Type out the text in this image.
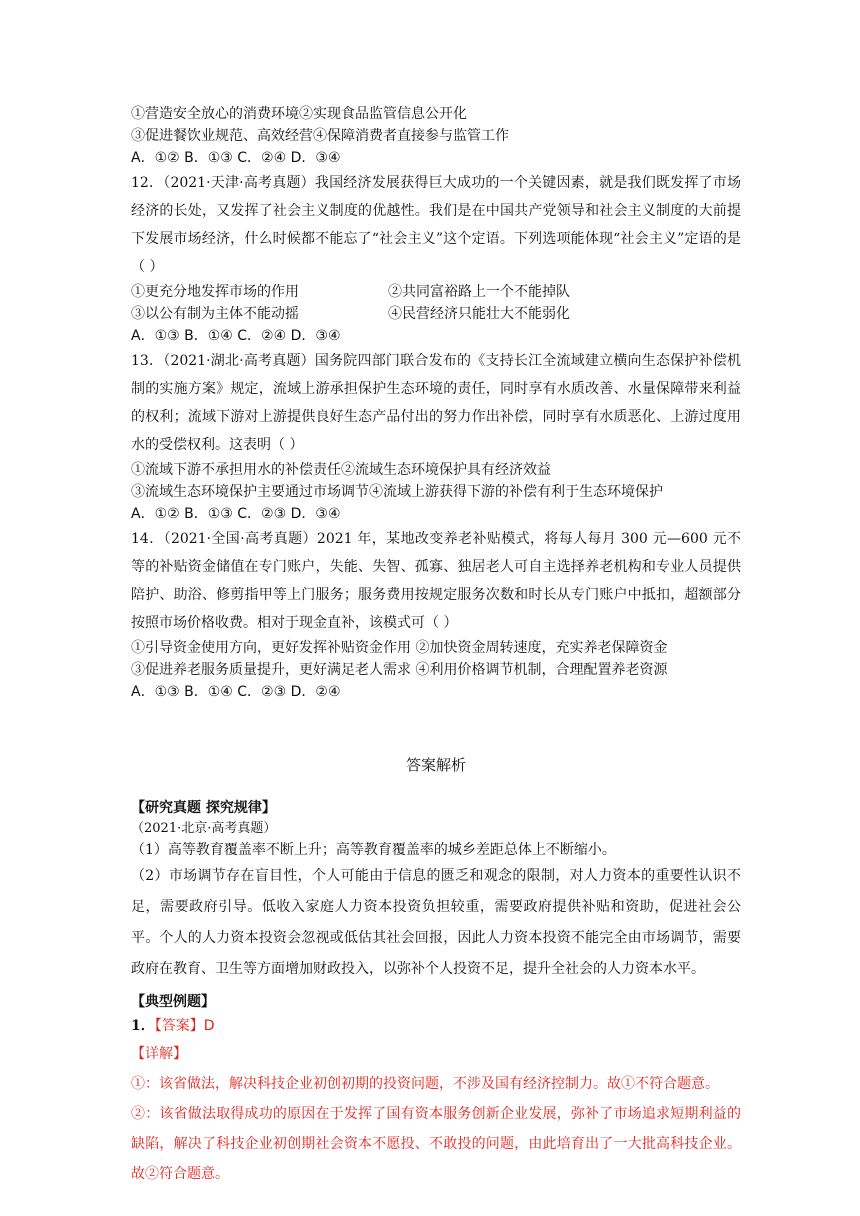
①营造安全放心的消费环境②实现食品监管信息公开化

③促进餐饮业规范、高效经营④保障消费者直接参与监管工作

A．①② B．①③ C．②④ D．③④

12．（2021·天津·高考真题）我国经济发展获得巨大成功的一个关键因素，就是我们既发挥了市场经济的长处，又发挥了社会主义制度的优越性。我们是在中国共产党领导和社会主义制度的大前提下发展市场经济，什么时候都不能忘了“社会主义”这个定语。下列选项能体现“社会主义”定语的是（ ）

①更充分地发挥市场的作用	②共同富裕路上一个不能掉队
③以公有制为主体不能动摇	④民营经济只能壮大不能弱化

A．①③ B．①④ C．②④ D．③④

13．（2021·湖北·高考真题）国务院四部门联合发布的《支持长江全流域建立横向生态保护补偿机制的实施方案》规定，流域上游承担保护生态环境的责任，同时享有水质改善、水量保障带来利益的权利；流域下游对上游提供良好生态产品付出的努力作出补偿，同时享有水质恶化、上游过度用水的受偿权利。这表明（ ）

①流域下游不承担用水的补偿责任②流域生态环境保护具有经济效益

③流域生态环境保护主要通过市场调节④流域上游获得下游的补偿有利于生态环境保护

A．①② B．①③ C．②③ D．③④

14．（2021·全国·高考真题）2021 年，某地改变养老补贴模式，将每人每月 300 元—600 元不等的补贴资金储值在专门账户，失能、失智、孤寡、独居老人可自主选择养老机构和专业人员提供陪护、助浴、修剪指甲等上门服务；服务费用按规定服务次数和时长从专门账户中抵扣，超额部分按照市场价格收费。相对于现金直补，该模式可（ ）

①引导资金使用方向，更好发挥补贴资金作用 ②加快资金周转速度，充实养老保障资金

③促进养老服务质量提升，更好满足老人需求 ④利用价格调节机制，合理配置养老资源

A．①③ B．①④ C．②③ D．②④

答案解析

【研究真题 探究规律】

（2021·北京·高考真题）

（1）高等教育覆盖率不断上升；高等教育覆盖率的城乡差距总体上不断缩小。

（2）市场调节存在盲目性，个人可能由于信息的匮乏和观念的限制，对人力资本的重要性认识不足，需要政府引导。低收入家庭人力资本投资负担较重，需要政府提供补贴和资助，促进社会公平。个人的人力资本投资会忽视或低估其社会回报，因此人力资本投资不能完全由市场调节，需要政府在教育、卫生等方面增加财政投入，以弥补个人投资不足，提升全社会的人力资本水平。

【典型例题】

1．【答案】D

【详解】

①：该省做法，解决科技企业初创初期的投资问题，不涉及国有经济控制力。故①不符合题意。

②：该省做法取得成功的原因在于发挥了国有资本服务创新企业发展，弥补了市场追求短期利益的缺陷，解决了科技企业初创期社会资本不愿投、不敢投的问题，由此培育出了一大批高科技企业。故②符合题意。
